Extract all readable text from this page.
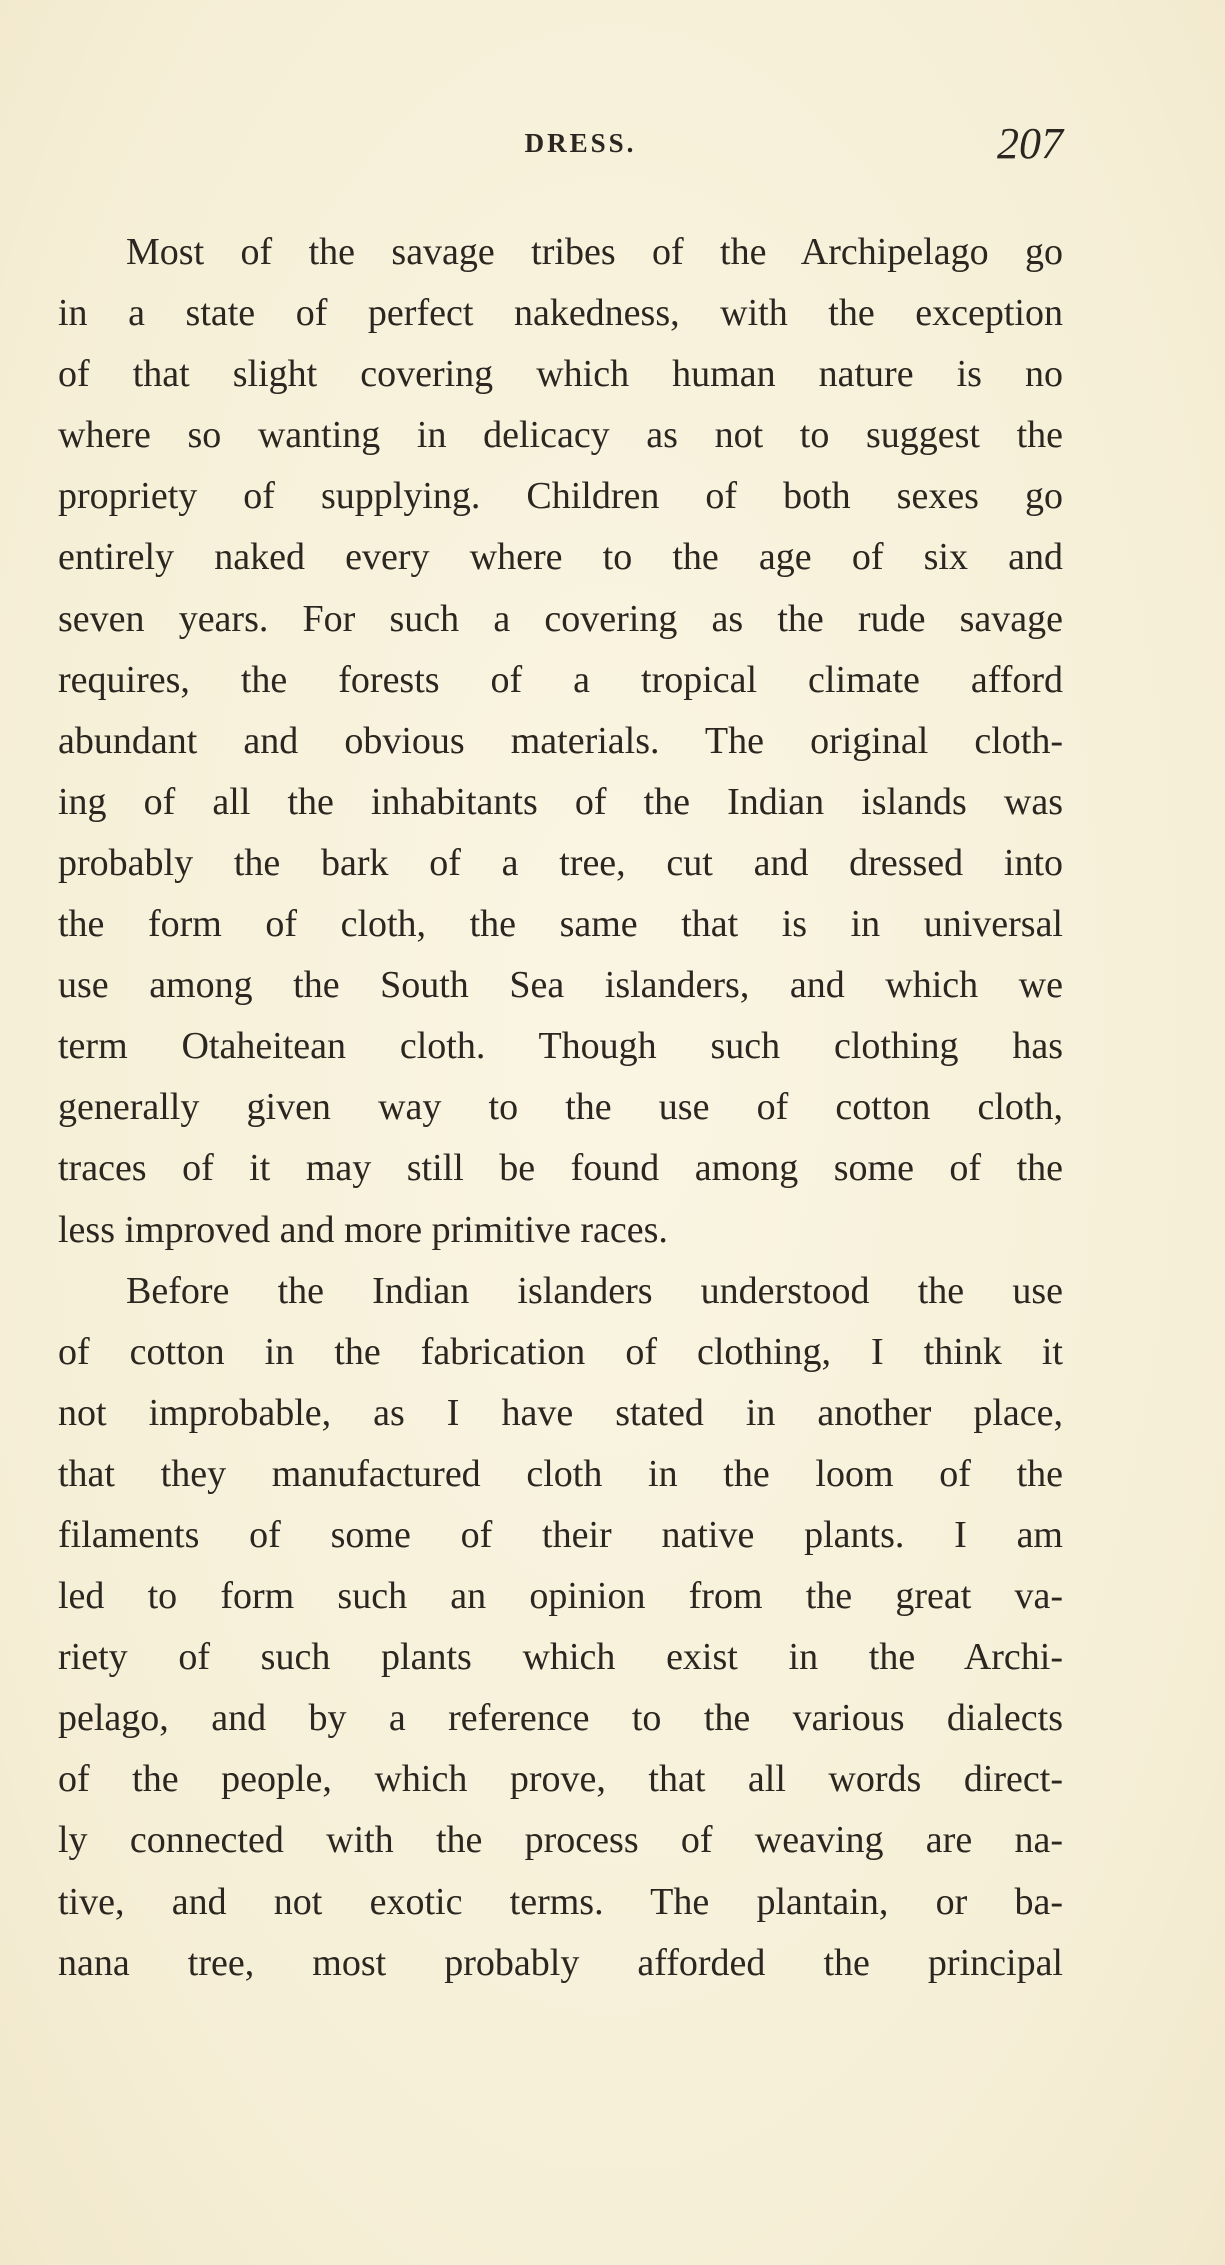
DRESS.	207
Most of the savage tribes of the Archipelago go
in a state of perfect nakedness, with the exception
of that slight covering which human nature is no
where so wanting in delicacy as not to suggest the
propriety of supplying. Children of both sexes go
entirely naked every where to the age of six and
seven years. For such a covering as the rude savage
requires, the forests of a tropical climate afford
abundant and obvious materials. The original cloth-
ing of all the inhabitants of the Indian islands was
probably the bark of a tree, cut and dressed into
the form of cloth, the same that is in universal
use among the South Sea islanders, and which we
term Otaheitean cloth. Though such clothing has
generally given way to the use of cotton cloth,
traces of it may still be found among some of the
less improved and more primitive races.
Before the Indian islanders understood the use
of cotton in the fabrication of clothing, I think it
not improbable, as I have stated in another place,
that they manufactured cloth in the loom of the
filaments of some of their native plants. I am
led to form such an opinion from the great va-
riety of such plants which exist in the Archi-
pelago, and by a reference to the various dialects
of the people, which prove, that all words direct-
ly connected with the process of weaving are na-
tive, and not exotic terms. The plantain, or ba-
nana tree, most probably afforded the principal
